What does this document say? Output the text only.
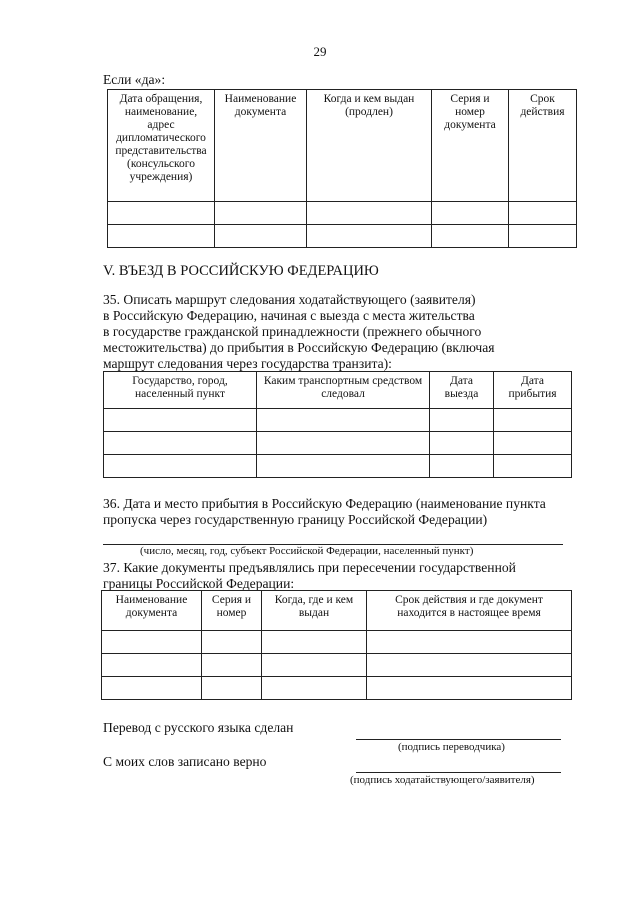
29
Если «да»:
Дата обращения, наименование, адрес дипломатического представительства (консульского учреждения)	Наименование документа	Когда и кем выдан (продлен)	Серия и номер документа	Срок действия

V. ВЪЕЗД В РОССИЙСКУЮ ФЕДЕРАЦИЮ
35. Описать маршрут следования ходатайствующего (заявителя)
в Российскую Федерацию, начиная с выезда с места жительства
в государстве гражданской принадлежности (прежнего обычного
местожительства) до прибытия в Российскую Федерацию (включая
маршрут следования через государства транзита):
Государство, город, населенный пункт	Каким транспортным средством следовал	Дата выезда	Дата прибытия

36. Дата и место прибытия в Российскую Федерацию (наименование пункта
пропуска через государственную границу Российской Федерации)
(число, месяц, год, субъект Российской Федерации, населенный пункт)
37. Какие документы предъявлялись при пересечении государственной
границы Российской Федерации:
Наименование документа	Серия и номер	Когда, где и кем выдан	Срок действия и где документ находится в настоящее время

Перевод с русского языка сделан
(подпись переводчика)
С моих слов записано верно
(подпись ходатайствующего/заявителя)
